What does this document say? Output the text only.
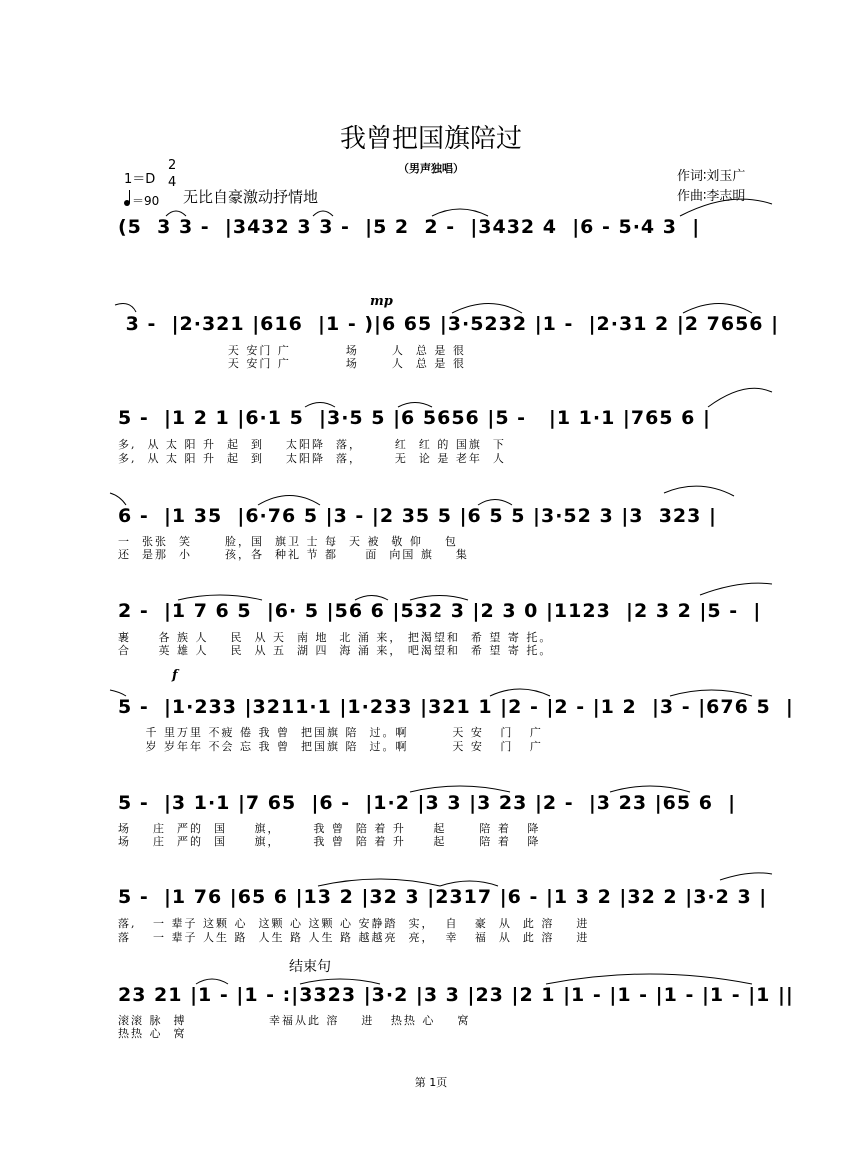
我曾把国旗陪过
（男声独唱）
1＝D
2
4
＝90 无比自豪激动抒情地
作词∶刘玉广
作曲∶李志明
(5  3 3 -  |3432 3 3 -  |5 2  2 -  |3432 4  |6 - 5·4 3  |
mp
3 -  |2·321 |616  |1 - )|6 65 |3·5232 |1 -  |2·31 2 |2 7656 |
天 安门 广          场      人  总 是 很
天 安门 广          场      人  总 是 很
5 -  |1 2 1 |6·1 5  |3·5 5 |6 5656 |5 -   |1 1·1 |765 6 |
多,  从 太 阳 升  起  到    太阳降  落，      红  红 的 国旗  下
多,  从 太 阳 升  起  到    太阳降  落，      无  论 是 老年  人
6 -  |1 35  |6·76 5 |3 - |2 35 5 |6 5 5 |3·52 3 |3  323 |
一  张张  笑      脸，国  旗卫 士 每  天 被  敬 仰    包
还  是那  小      孩，各  种礼 节 都     面  向国 旗    集
2 -  |1 7 6 5  |6· 5 |56 6 |532 3 |2 3 0 |1123  |2 3 2 |5 -  |
裹     各 族 人    民  从 天  南 地  北 涌 来， 把渴望和  希 望 寄 托。
合     英 雄 人    民  从 五  湖 四  海 涌 来， 吧渴望和  希 望 寄 托。
f
5 -  |1·233 |3211·1 |1·233 |321 1 |2 - |2 - |1 2  |3 - |676 5  |
千 里万里 不疲 倦 我 曾  把国旗 陪  过。啊        天 安   门   广
岁 岁年年 不会 忘 我 曾  把国旗 陪  过。啊        天 安   门   广
5 -  |3 1·1 |7 65  |6 -  |1·2 |3 3 |3 23 |2 -  |3 23 |65 6  |
场    庄  严的  国     旗，      我 曾  陪 着 升     起      陪 着   降
场    庄  严的  国     旗，      我 曾  陪 着 升     起      陪 着   降
5 -  |1 76 |65 6 |13 2 |32 3 |2317 |6 - |1 3 2 |32 2 |3·2 3 |
落,   一 辈子 这颗 心  这颗 心 这颗 心 安静踏  实，  自   豪  从  此 溶    进
落    一 辈子 人生 路  人生 路 人生 路 越越亮  亮，  幸   福  从  此 溶    进
结束句
23 21 |1 - |1 - :|3323 |3·2 |3 3 |23 |2 1 |1 - |1 - |1 - |1 - |1 ||
滚滚 脉  搏               幸福从此 溶    进   热热 心    窝
热热 心  窝
第 1页
